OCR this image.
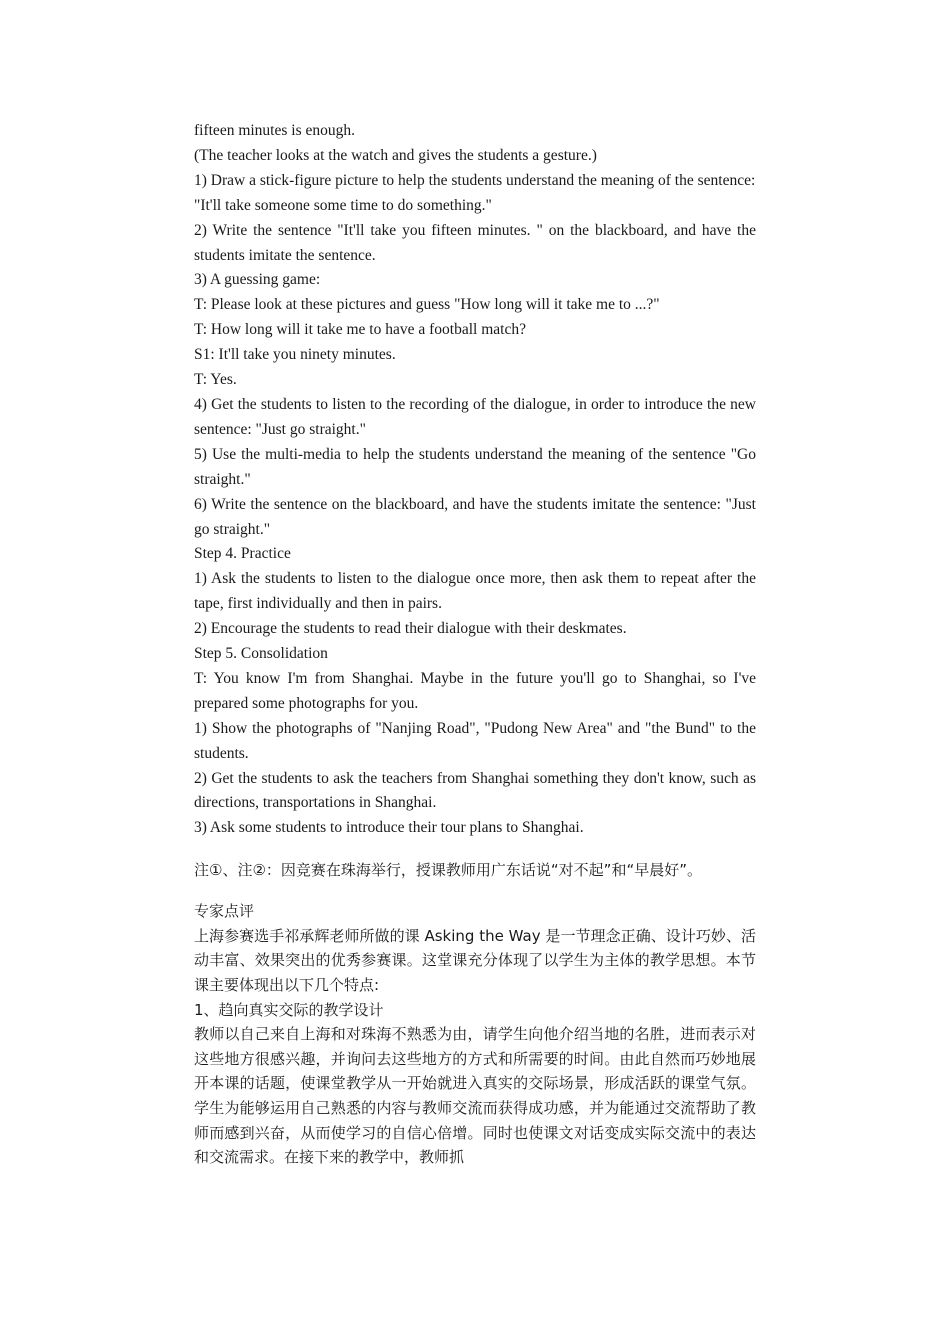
fifteen minutes is enough.

(The teacher looks at the watch and gives the students a gesture.)

1) Draw a stick-figure picture to help the students understand the meaning of the sentence:

"It'll take someone some time to do something."

2) Write the sentence "It'll take you fifteen minutes. " on the blackboard, and have the students imitate the sentence.

3) A guessing game:

T: Please look at these pictures and guess "How long will it take me to ...?"

T: How long will it take me to have a football match?

S1: It'll take you ninety minutes.

T: Yes.

4) Get the students to listen to the recording of the dialogue, in order to introduce the new sentence: "Just go straight."

5) Use the multi-media to help the students understand the meaning of the sentence "Go straight."

6) Write the sentence on the blackboard, and have the students imitate the sentence: "Just go straight."

Step 4. Practice

1) Ask the students to listen to the dialogue once more, then ask them to repeat after the tape, first individually and then in pairs.

2) Encourage the students to read their dialogue with their deskmates.

Step 5. Consolidation

T: You know I'm from Shanghai. Maybe in the future you'll go to Shanghai, so I've prepared some photographs for you.

1) Show the photographs of "Nanjing Road", "Pudong New Area" and "the Bund" to the students.

2) Get the students to ask the teachers from Shanghai something they don't know, such as directions, transportations in Shanghai.

3) Ask some students to introduce their tour plans to Shanghai.

注①、注②：因竞赛在珠海举行，授课教师用广东话说“对不起”和“早晨好”。

专家点评

上海参赛选手祁承辉老师所做的课 Asking the Way 是一节理念正确、设计巧妙、活动丰富、效果突出的优秀参赛课。这堂课充分体现了以学生为主体的教学思想。本节课主要体现出以下几个特点:

1、趋向真实交际的教学设计

教师以自己来自上海和对珠海不熟悉为由，请学生向他介绍当地的名胜，进而表示对这些地方很感兴趣，并询问去这些地方的方式和所需要的时间。由此自然而巧妙地展开本课的话题，使课堂教学从一开始就进入真实的交际场景，形成活跃的课堂气氛。学生为能够运用自己熟悉的内容与教师交流而获得成功感，并为能通过交流帮助了教师而感到兴奋，从而使学习的自信心倍增。同时也使课文对话变成实际交流中的表达和交流需求。在接下来的教学中，教师抓
